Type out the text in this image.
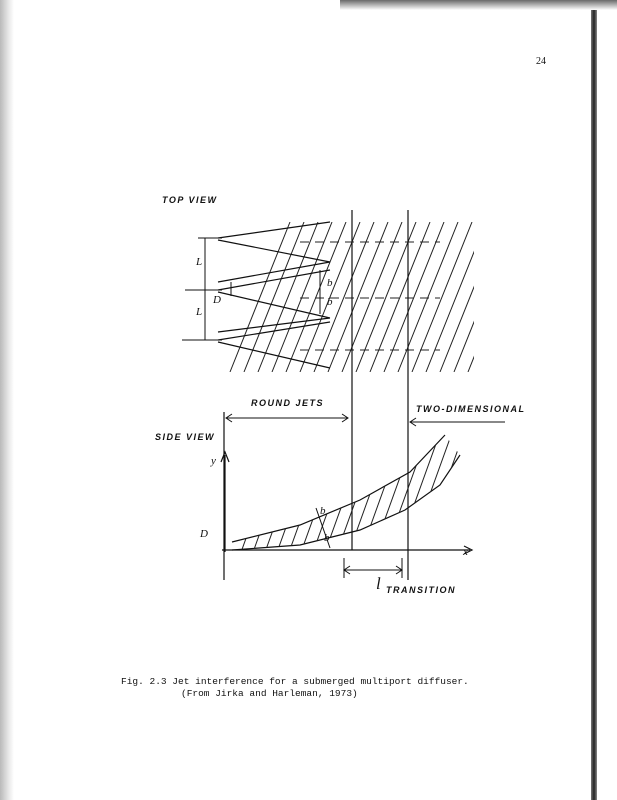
24
TOP VIEW
SIDE VIEW
ROUND JETS
TWO-DIMENSIONAL
TRANSITION
L
L
D
b
b
y
D
b
b
x
l
Fig. 2.3 Jet interference for a submerged multiport diffuser.
(From Jirka and Harleman, 1973)
